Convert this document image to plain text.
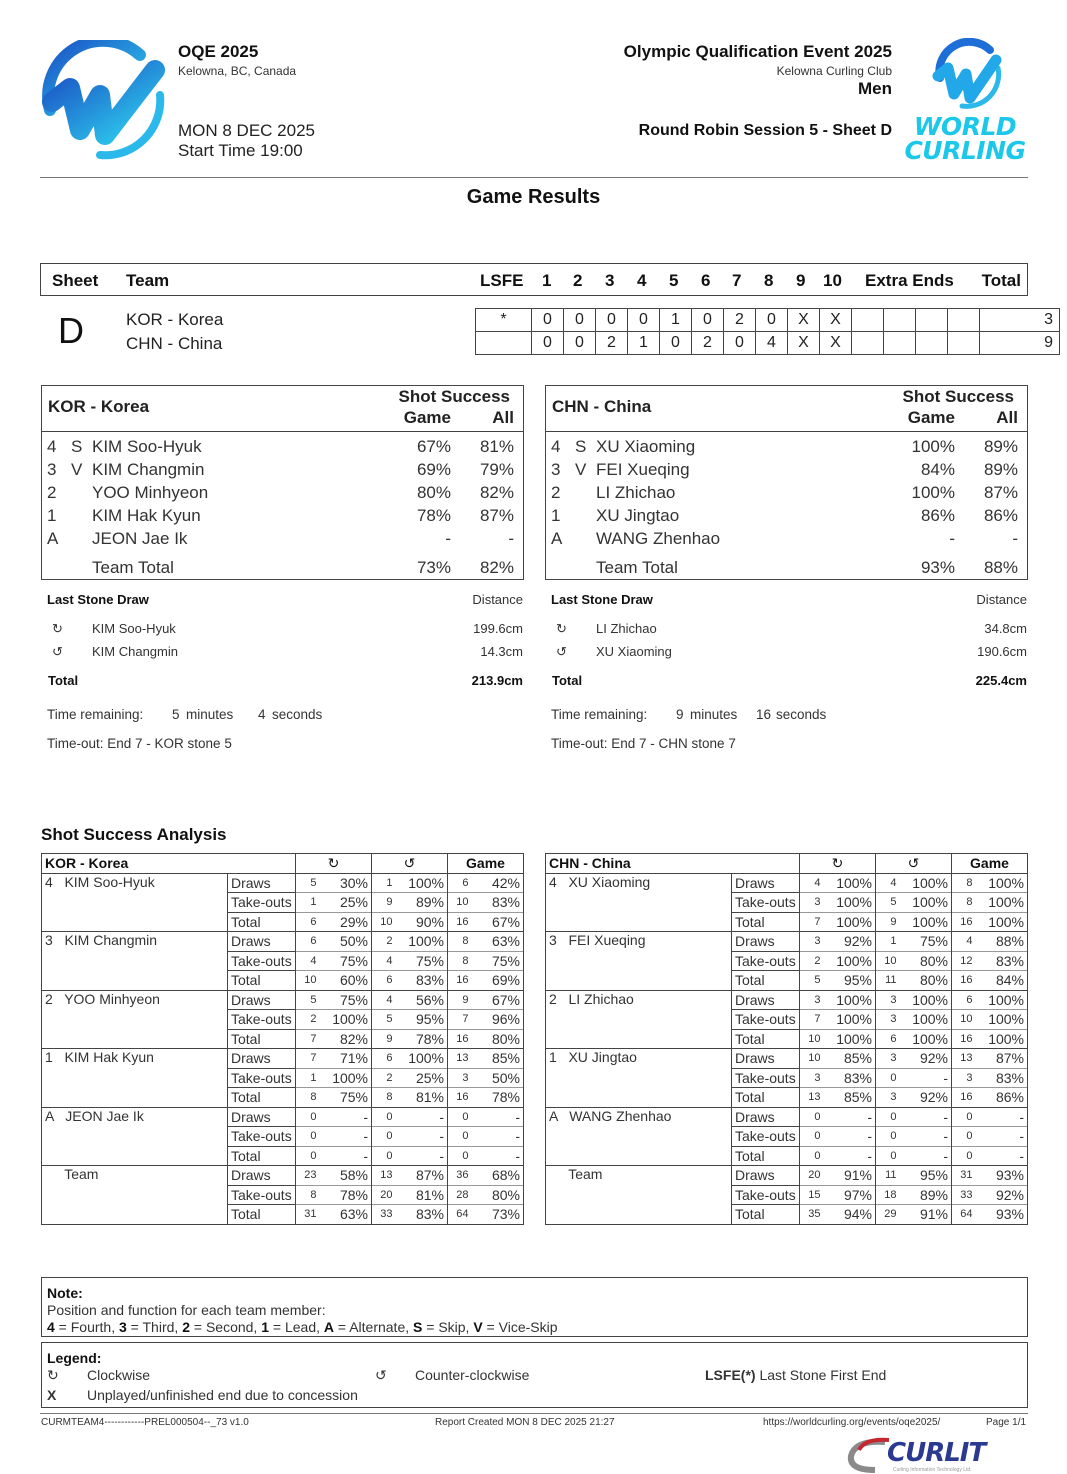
OQE 2025
Kelowna, BC, Canada
MON 8 DEC 2025
Start Time 19:00
Olympic Qualification Event 2025
Kelowna Curling Club
Men
Round Robin Session 5 - Sheet D WORLD
CURLING
Game Results
Sheet Team	LSFE 1 2 3 4 5 6 7 8 9 10 Extra Ends Total
D KOR - Korea
CHN - China
*	0	0	0	0	1	0	2	0	X	X					3
	0	0	2	1	0	2	0	4	X	X					9
KOR - Korea
Shot Success
Game All
4 S KIM Soo-Hyuk	67% 81%
3 V KIM Changmin	69% 79%
2 YOO Minhyeon	80% 82%
1 KIM Hak Kyun	78% 87%
A JEON Jae Ik	-	-
Team Total	73% 82%
CHN - China
Shot Success
Game All
4 S XU Xiaoming	100% 89%
3 V FEI Xueqing	84% 89%
2 LI Zhichao	100% 87%
1 XU Jingtao	86% 86%
A WANG Zhenhao	-	-
Team Total	93% 88%
Last Stone Draw	Distance
↻ KIM Soo-Hyuk	199.6cm
↺ KIM Changmin	14.3cm
Total	213.9cm
Time remaining: 5 minutes 4 seconds
Time-out: End 7 - KOR stone 5
Last Stone Draw	Distance
↻ LI Zhichao	34.8cm
↺ XU Xiaoming	190.6cm
Total	225.4cm
Time remaining: 9 minutes 16 seconds
Time-out: End 7 - CHN stone 7
Shot Success Analysis
KOR - Korea		↻		↺		Game	
4   KIM Soo-Hyuk	Draws	5	30%	1	100%	6	42%
	Take-outs	1	25%	9	89%	10	83%
	Total	6	29%	10	90%	16	67%
3   KIM Changmin	Draws	6	50%	2	100%	8	63%
	Take-outs	4	75%	4	75%	8	75%
	Total	10	60%	6	83%	16	69%
2   YOO Minhyeon	Draws	5	75%	4	56%	9	67%
	Take-outs	2	100%	5	95%	7	96%
	Total	7	82%	9	78%	16	80%
1   KIM Hak Kyun	Draws	7	71%	6	100%	13	85%
	Take-outs	1	100%	2	25%	3	50%
	Total	8	75%	8	81%	16	78%
A   JEON Jae Ik	Draws	0	-	0	-	0	-
	Take-outs	0	-	0	-	0	-
	Total	0	-	0	-	0	-
Team	Draws	23	58%	13	87%	36	68%
	Take-outs	8	78%	20	81%	28	80%
	Total	31	63%	33	83%	64	73%
CHN - China		↻		↺		Game	
4   XU Xiaoming	Draws	4	100%	4	100%	8	100%
	Take-outs	3	100%	5	100%	8	100%
	Total	7	100%	9	100%	16	100%
3   FEI Xueqing	Draws	3	92%	1	75%	4	88%
	Take-outs	2	100%	10	80%	12	83%
	Total	5	95%	11	80%	16	84%
2   LI Zhichao	Draws	3	100%	3	100%	6	100%
	Take-outs	7	100%	3	100%	10	100%
	Total	10	100%	6	100%	16	100%
1   XU Jingtao	Draws	10	85%	3	92%	13	87%
	Take-outs	3	83%	0	-	3	83%
	Total	13	85%	3	92%	16	86%
A   WANG Zhenhao	Draws	0	-	0	-	0	-
	Take-outs	0	-	0	-	0	-
	Total	0	-	0	-	0	-
Team	Draws	20	91%	11	95%	31	93%
	Take-outs	15	97%	18	89%	33	92%
	Total	35	94%	29	91%	64	93%
Note:
Position and function for each team member:
4 = Fourth, 3 = Third, 2 = Second, 1 = Lead, A = Alternate, S = Skip, V = Vice-Skip
Legend:
↻ Clockwise	↺ Counter-clockwise	LSFE(*) Last Stone First End
X Unplayed/unfinished end due to concession
CURMTEAM4------------PREL000504--_73 v1.0	Report Created MON 8 DEC 2025 21:27	https://worldcurling.org/events/oqe2025/	Page 1/1
CURLIT
Curling Information Technology Ltd.
